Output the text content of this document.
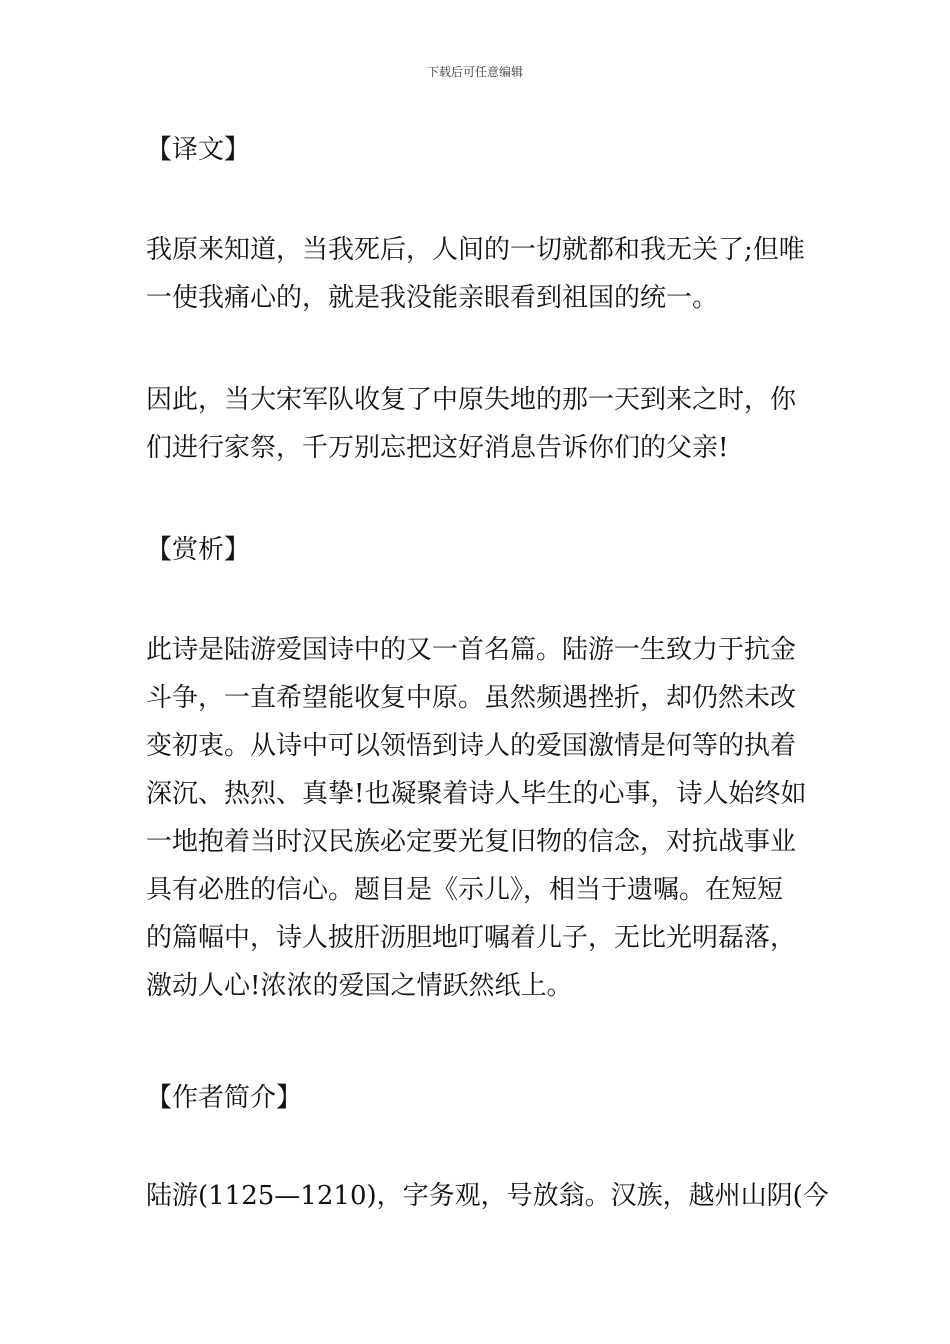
下载后可任意编辑
【译文】
我原来知道，当我死后，人间的一切就都和我无关了;但唯
一使我痛心的，就是我没能亲眼看到祖国的统一。
因此，当大宋军队收复了中原失地的那一天到来之时，你
们进行家祭，千万别忘把这好消息告诉你们的父亲!
【赏析】
此诗是陆游爱国诗中的又一首名篇。陆游一生致力于抗金
斗争，一直希望能收复中原。虽然频遇挫折，却仍然未改
变初衷。从诗中可以领悟到诗人的爱国激情是何等的执着
深沉、热烈、真挚!也凝聚着诗人毕生的心事，诗人始终如
一地抱着当时汉民族必定要光复旧物的信念，对抗战事业
具有必胜的信心。题目是《示儿》，相当于遗嘱。在短短
的篇幅中，诗人披肝沥胆地叮嘱着儿子，无比光明磊落，
激动人心!浓浓的爱国之情跃然纸上。
【作者简介】
陆游(1125—1210)，字务观，号放翁。汉族，越州山阴(今
